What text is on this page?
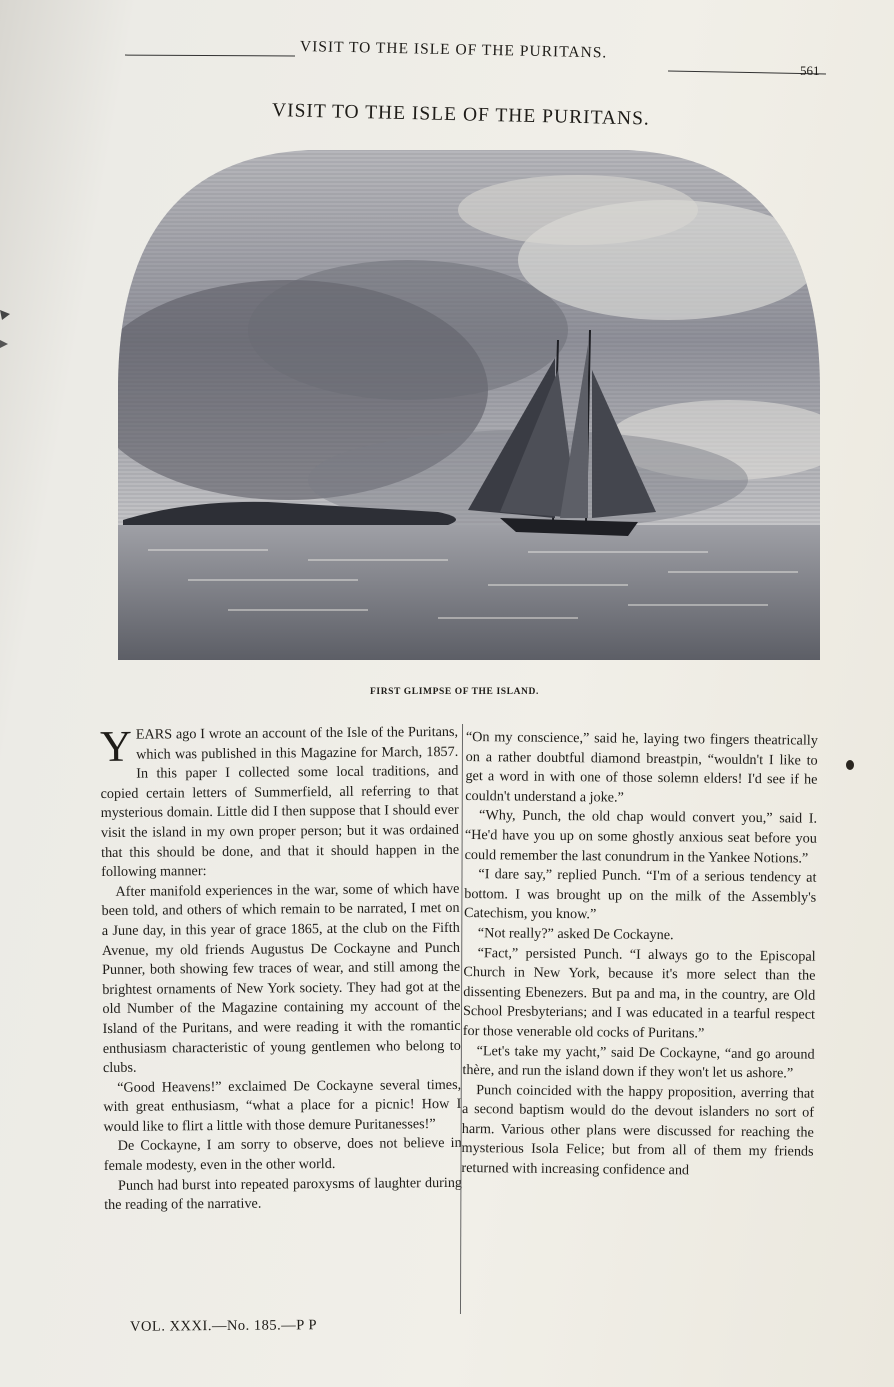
VISIT TO THE ISLE OF THE PURITANS.
561
VISIT TO THE ISLE OF THE PURITANS.
FIRST GLIMPSE OF THE ISLAND.

YEARS ago I wrote an account of the Isle of the Puritans, which was published in this Magazine for March, 1857. In this paper I collected some local traditions, and copied certain letters of Summerfield, all referring to that mysterious domain. Little did I then suppose that I should ever visit the island in my own proper person; but it was ordained that this should be done, and that it should happen in the following manner:

After manifold experiences in the war, some of which have been told, and others of which remain to be narrated, I met on a June day, in this year of grace 1865, at the club on the Fifth Avenue, my old friends Augustus De Cockayne and Punch Punner, both showing few traces of wear, and still among the brightest ornaments of New York society. They had got at the old Number of the Magazine containing my account of the Island of the Puritans, and were reading it with the romantic enthusiasm characteristic of young gentlemen who belong to clubs.

“Good Heavens!” exclaimed De Cockayne several times, with great enthusiasm, “what a place for a picnic! How I would like to flirt a little with those demure Puritanesses!”

De Cockayne, I am sorry to observe, does not believe in female modesty, even in the other world.

Punch had burst into repeated paroxysms of laughter during the reading of the narrative.

“On my conscience,” said he, laying two fingers theatrically on a rather doubtful diamond breastpin, “wouldn't I like to get a word in with one of those solemn elders! I'd see if he couldn't understand a joke.”

“Why, Punch, the old chap would convert you,” said I. “He'd have you up on some ghostly anxious seat before you could remember the last conundrum in the Yankee Notions.”

“I dare say,” replied Punch. “I'm of a serious tendency at bottom. I was brought up on the milk of the Assembly's Catechism, you know.”

“Not really?” asked De Cockayne.

“Fact,” persisted Punch. “I always go to the Episcopal Church in New York, because it's more select than the dissenting Ebenezers. But pa and ma, in the country, are Old School Presbyterians; and I was educated in a tearful respect for those venerable old cocks of Puritans.”

“Let's take my yacht,” said De Cockayne, “and go around thère, and run the island down if they won't let us ashore.”

Punch coincided with the happy proposition, averring that a second baptism would do the devout islanders no sort of harm. Various other plans were discussed for reaching the mysterious Isola Felice; but from all of them my friends returned with increasing confidence and

VOL. XXXI.—No. 185.—P P
